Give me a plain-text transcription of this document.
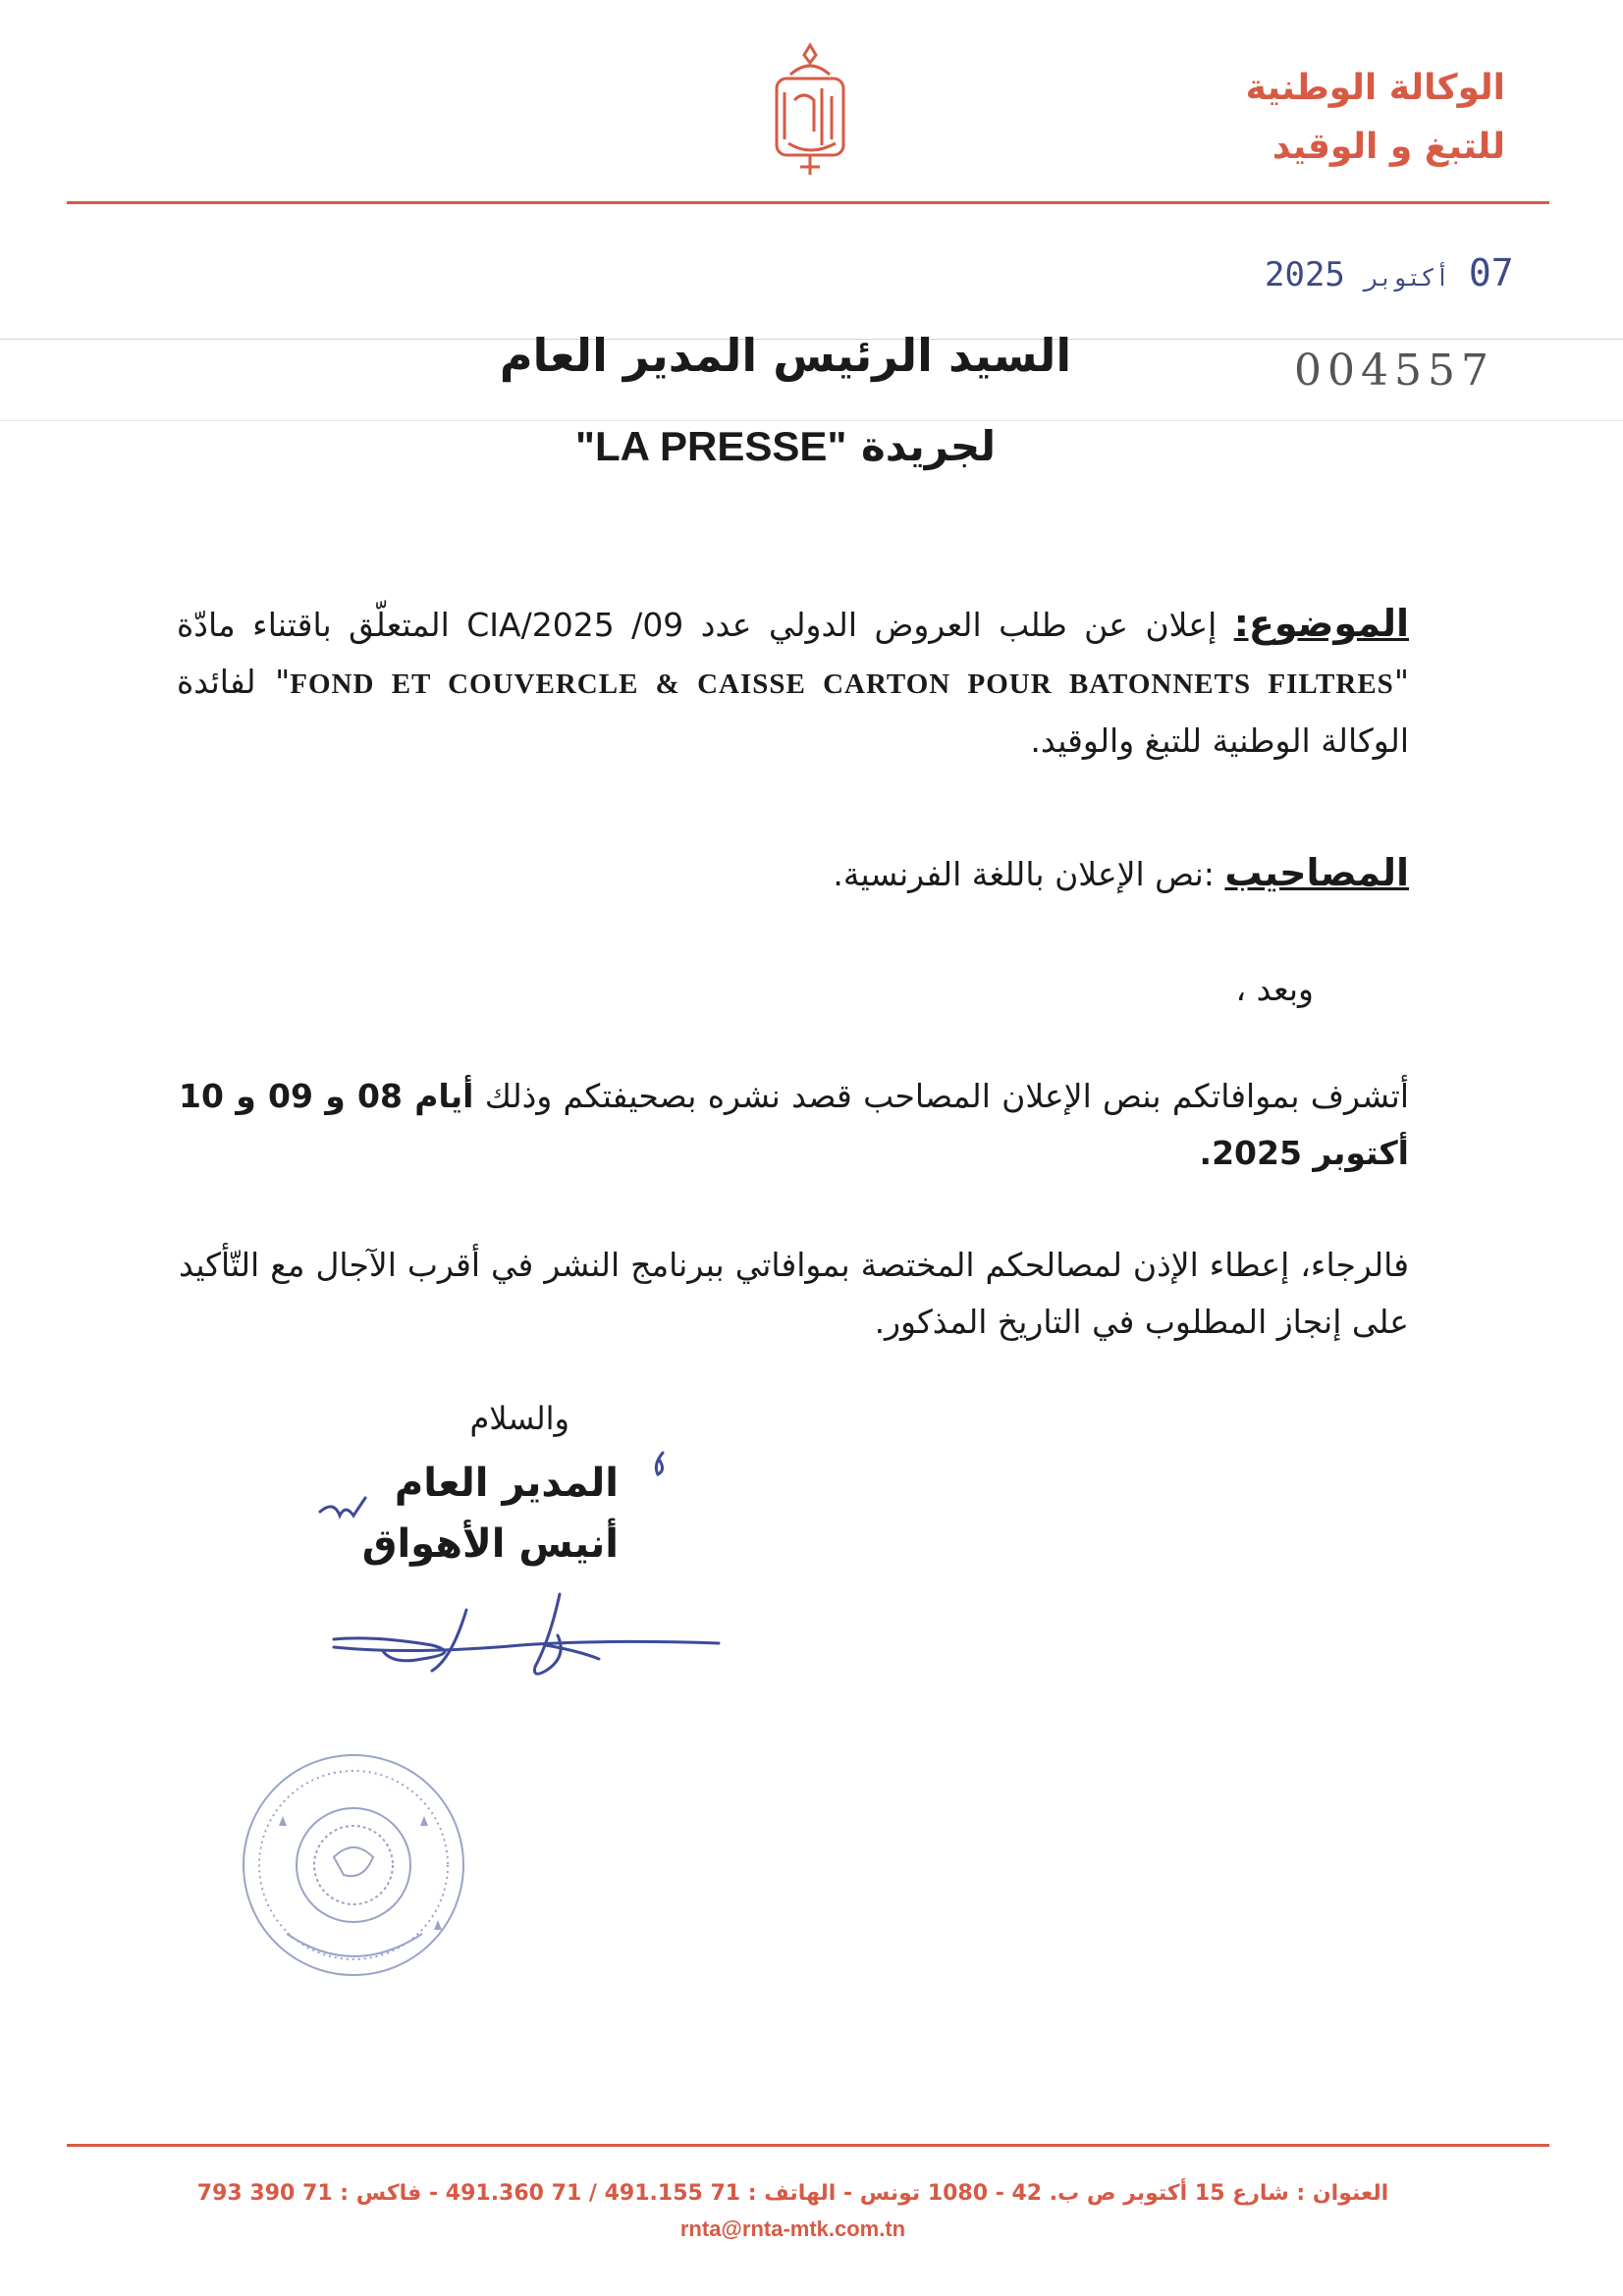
الوكالة الوطنية
للتبغ و الوقيد
2025 أكتوبر 07
004557
السيد الرئيس المدير العام
لجريدة "LA PRESSE"
الموضوع: إعلان عن طلب العروض الدولي عدد 09/ 2025/CIA المتعلّق باقتناء مادّة "FOND ET COUVERCLE & CAISSE CARTON POUR BATONNETS FILTRES" لفائدة الوكالة الوطنية للتبغ والوقيد.
المصاحيب :نص الإعلان باللغة الفرنسية.
وبعد ،
أتشرف بموافاتكم بنص الإعلان المصاحب قصد نشره بصحيفتكم وذلك أيام 08 و 09 و 10 أكتوبر 2025.
فالرجاء، إعطاء الإذن لمصالحكم المختصة بموافاتي ببرنامج النشر في أقرب الآجال مع التّأكيد على إنجاز المطلوب في التاريخ المذكور.
والسلام
المدير العام
أنيس الأهواق
العنوان : شارع 15 أكتوبر ص ب. 42 - 1080 تونس - الهاتف : 71 491.155 / 71 491.360 - فاكس : 71 390 793
rnta@rnta-mtk.com.tn
